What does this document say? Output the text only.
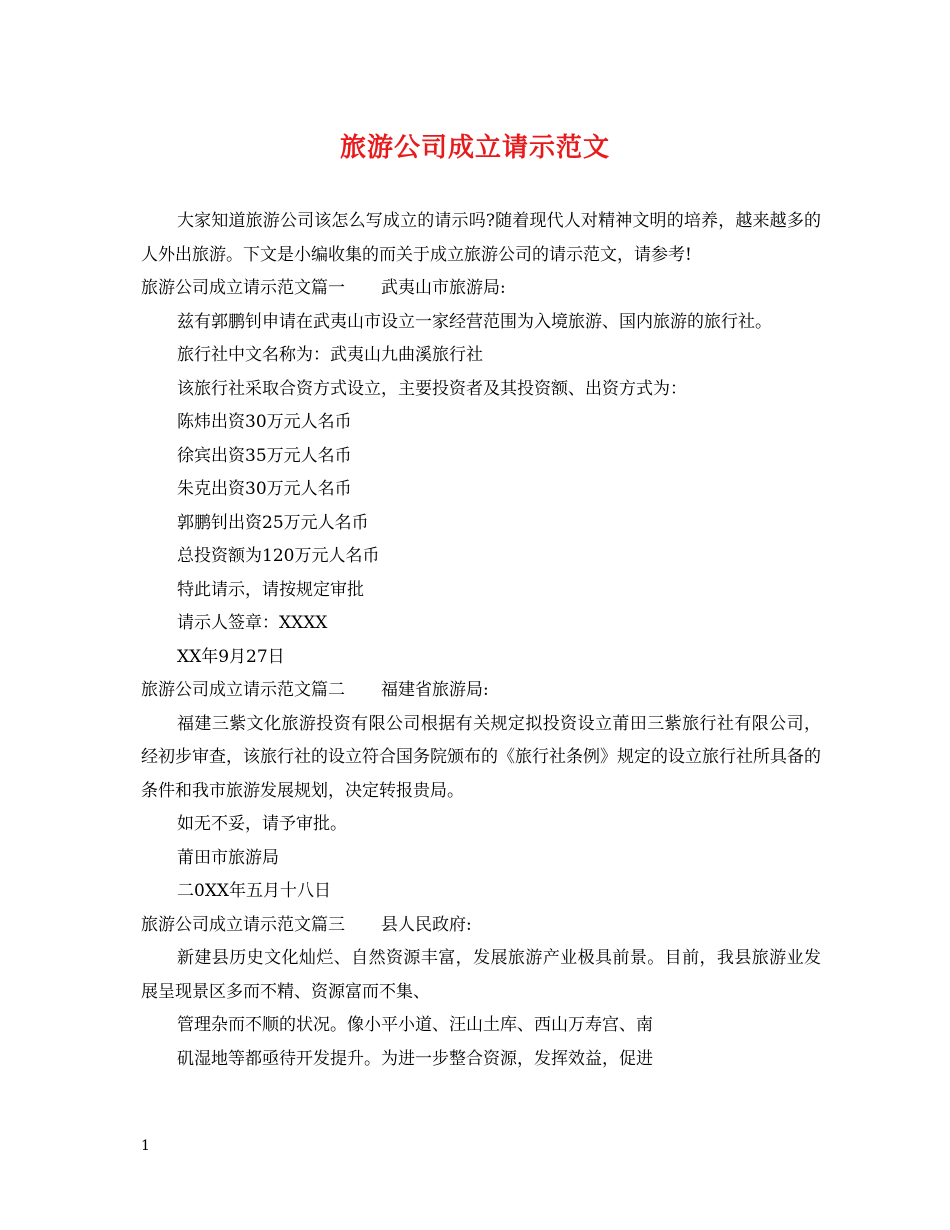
旅游公司成立请示范文

大家知道旅游公司该怎么写成立的请示吗?随着现代人对精神文明的培养，越来越多的人外出旅游。下文是小编收集的而关于成立旅游公司的请示范文，请参考!

旅游公司成立请示范文篇一 武夷山市旅游局:

兹有郭鹏钊申请在武夷山市设立一家经营范围为入境旅游、国内旅游的旅行社。

旅行社中文名称为：武夷山九曲溪旅行社

该旅行社采取合资方式设立，主要投资者及其投资额、出资方式为：

陈炜出资30万元人名币

徐宾出资35万元人名币

朱克出资30万元人名币

郭鹏钊出资25万元人名币

总投资额为120万元人名币

特此请示，请按规定审批

请示人签章：XXXX

XX年9月27日

旅游公司成立请示范文篇二 福建省旅游局:

福建三紫文化旅游投资有限公司根据有关规定拟投资设立莆田三紫旅行社有限公司，经初步审查，该旅行社的设立符合国务院颁布的《旅行社条例》规定的设立旅行社所具备的条件和我市旅游发展规划，决定转报贵局。

如无不妥，请予审批。

莆田市旅游局

二0XX年五月十八日

旅游公司成立请示范文篇三 县人民政府:

新建县历史文化灿烂、自然资源丰富，发展旅游产业极具前景。目前，我县旅游业发展呈现景区多而不精、资源富而不集、

管理杂而不顺的状况。像小平小道、汪山土库、西山万寿宫、南

矶湿地等都亟待开发提升。为进一步整合资源，发挥效益，促进

1
